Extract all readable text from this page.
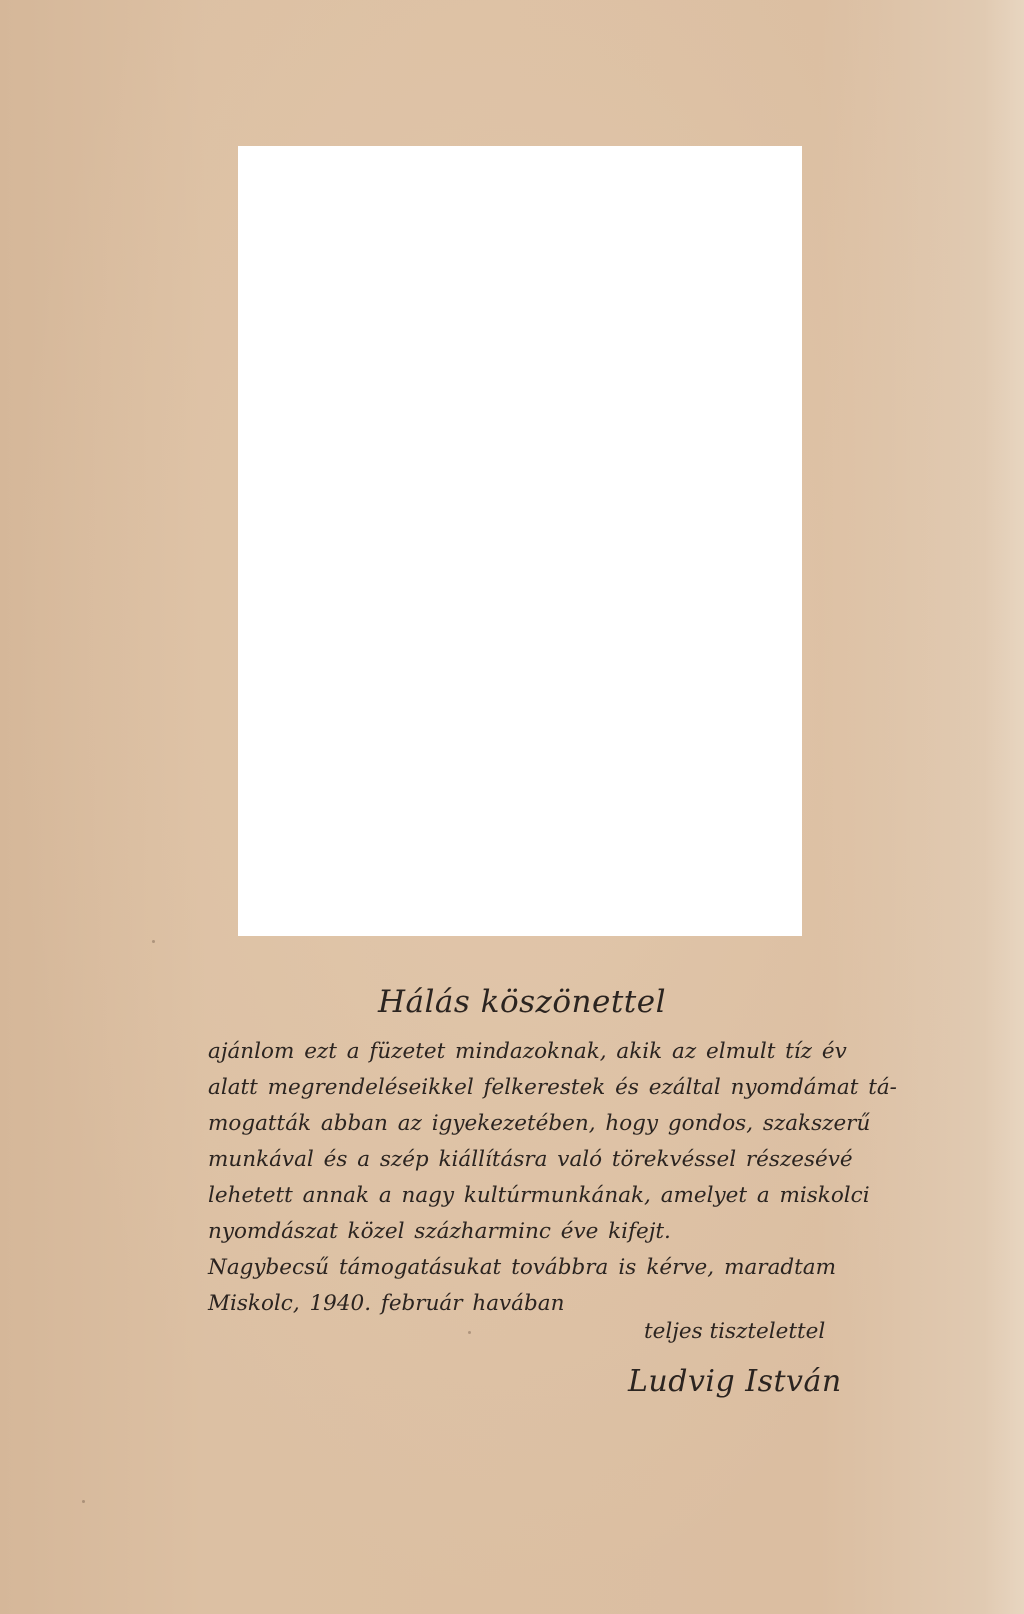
Hálás köszönettel
ajánlom ezt a füzetet mindazoknak, akik az elmult tíz év
alatt megrendeléseikkel felkerestek és ezáltal nyomdámat tá-
mogatták abban az igyekezetében, hogy gondos, szakszerű
munkával és a szép kiállításra való törekvéssel részesévé
lehetett annak a nagy kultúrmunkának, amelyet a miskolci
nyomdászat közel százharminc éve kifejt.
Nagybecsű támogatásukat továbbra is kérve, maradtam
Miskolc, 1940. február havában
teljes tisztelettel
Ludvig István
